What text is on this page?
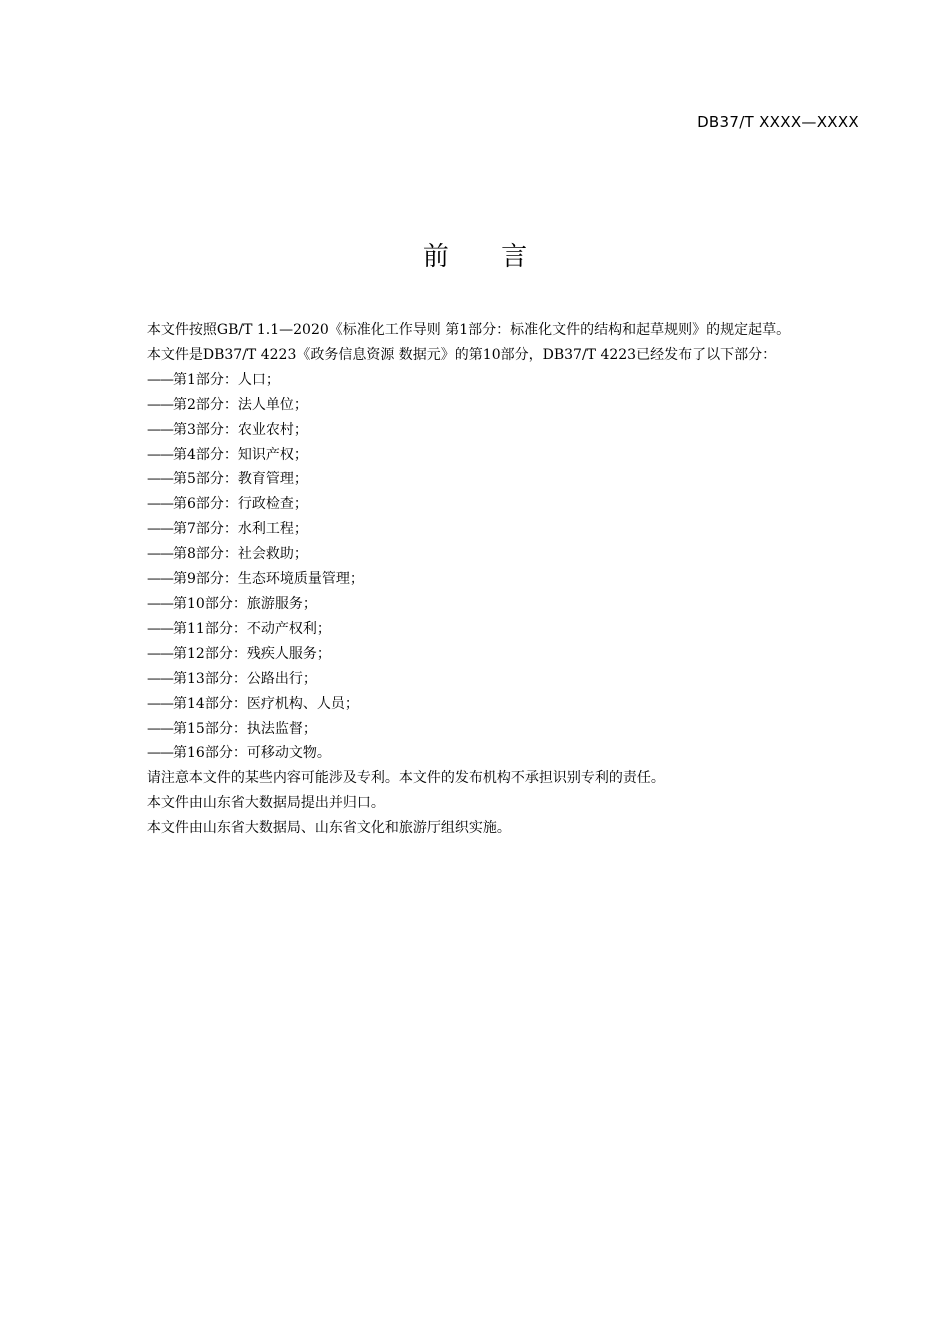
DB37/T XXXX—XXXX
前 言

本文件按照GB/T 1.1—2020《标准化工作导则 第1部分：标准化文件的结构和起草规则》的规定起草。

本文件是DB37/T 4223《政务信息资源 数据元》的第10部分，DB37/T 4223已经发布了以下部分：

——第1部分：人口；
——第2部分：法人单位；
——第3部分：农业农村；
——第4部分：知识产权；
——第5部分：教育管理；
——第6部分：行政检查；
——第7部分：水利工程；
——第8部分：社会救助；
——第9部分：生态环境质量管理；
——第10部分：旅游服务；
——第11部分：不动产权利；
——第12部分：残疾人服务；
——第13部分：公路出行；
——第14部分：医疗机构、人员；
——第15部分：执法监督；
——第16部分：可移动文物。

请注意本文件的某些内容可能涉及专利。本文件的发布机构不承担识别专利的责任。

本文件由山东省大数据局提出并归口。

本文件由山东省大数据局、山东省文化和旅游厅组织实施。
